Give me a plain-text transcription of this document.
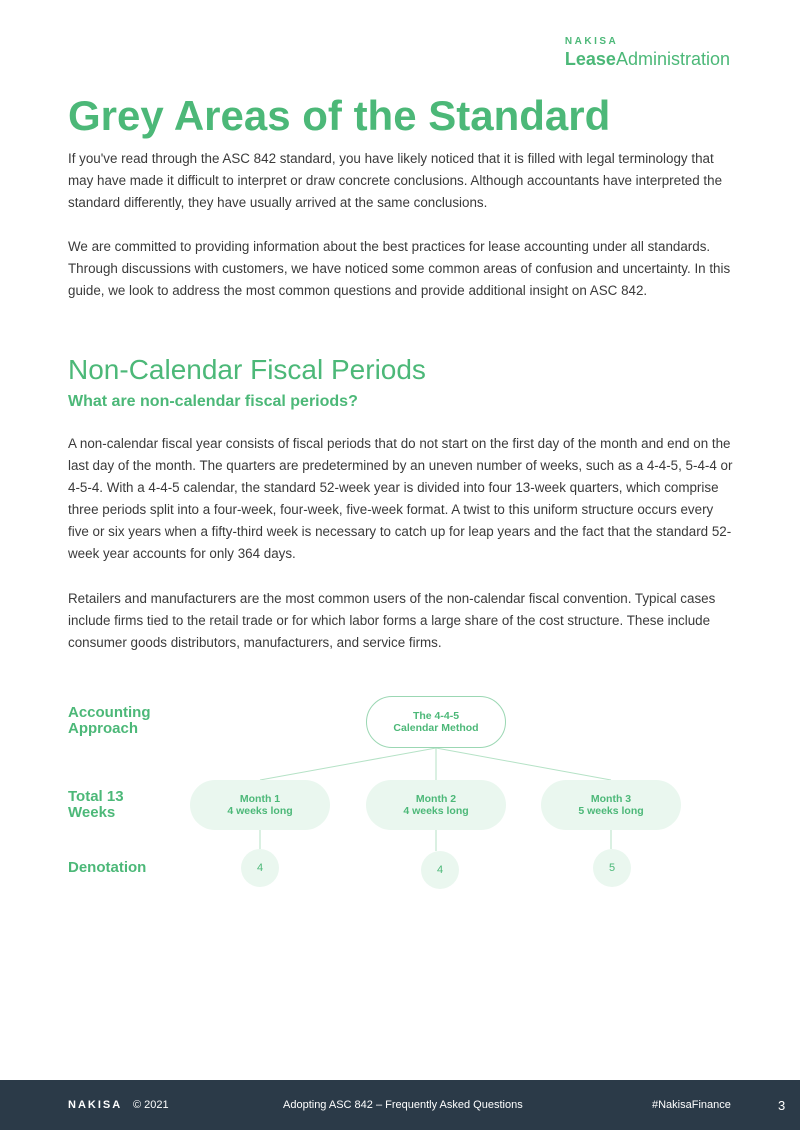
NAKISA
LeaseAdministration
Grey Areas of the Standard

If you've read through the ASC 842 standard, you have likely noticed that it is filled with legal terminology that may have made it difficult to interpret or draw concrete conclusions. Although accountants have interpreted the standard differently, they have usually arrived at the same conclusions.

We are committed to providing information about the best practices for lease accounting under all standards. Through discussions with customers, we have noticed some common areas of confusion and uncertainty. In this guide, we look to address the most common questions and provide additional insight on ASC 842.

Non-Calendar Fiscal Periods
What are non-calendar fiscal periods?

A non-calendar fiscal year consists of fiscal periods that do not start on the first day of the month and end on the last day of the month. The quarters are predetermined by an uneven number of weeks, such as a 4-4-5, 5-4-4 or 4-5-4. With a 4-4-5 calendar, the standard 52-week year is divided into four 13-week quarters, which comprise three periods split into a four-week, four-week, five-week format. A twist to this uniform structure occurs every five or six years when a fifty-third week is necessary to catch up for leap years and the fact that the standard 52-week year accounts for only 364 days.

Retailers and manufacturers are the most common users of the non-calendar fiscal convention. Typical cases include firms tied to the retail trade or for which labor forms a large share of the cost structure. These include consumer goods distributors, manufacturers, and service firms.

Accounting
Approach
Total 13
Weeks
Denotation
The 4-4-5
Calendar Method
Month 1
4 weeks long
Month 2
4 weeks long
Month 3
5 weeks long
4	4	5
NAKISA © 2021	Adopting ASC 842 – Frequently Asked Questions	#NakisaFinance	3
